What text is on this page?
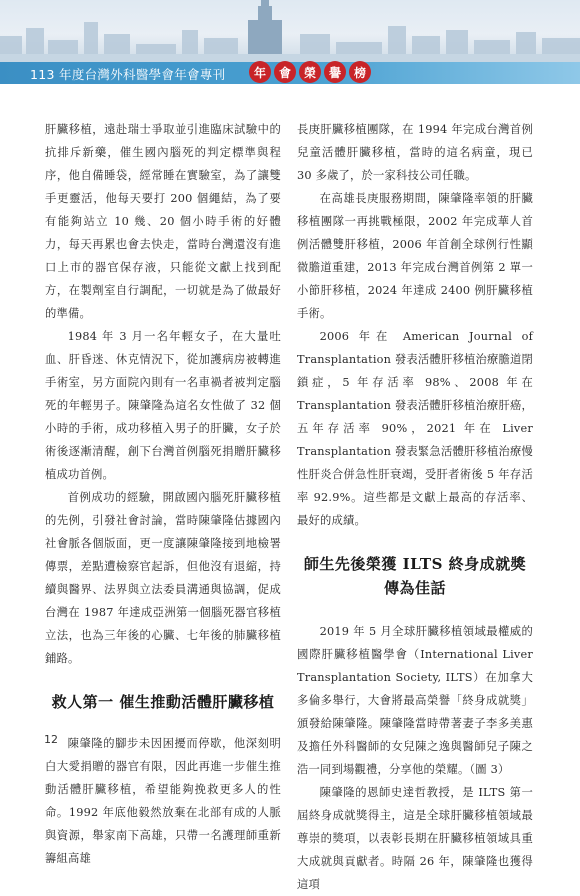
113 年度台灣外科醫學會年會專刊	年	會	榮	譽	榜

肝臟移植，遠赴瑞士爭取並引進臨床試驗中的抗排斥新藥，催生國內腦死的判定標準與程序，他自備睡袋，經常睡在實驗室，為了讓雙手更靈活，他每天要打 200 個繩結，為了要有能夠站立 10 幾、20 個小時手術的好體力，每天再累也會去快走，當時台灣還沒有進口上市的器官保存液，只能從文獻上找到配方，在製劑室自行調配，一切就是為了做最好的準備。

1984 年 3 月一名年輕女子，在大量吐血、肝昏迷、休克情況下，從加護病房被轉進手術室，另方面院內則有一名車禍者被判定腦死的年輕男子。陳肇隆為這名女性做了 32 個小時的手術，成功移植入男子的肝臟，女子於術後逐漸清醒，創下台灣首例腦死捐贈肝臟移植成功首例。

首例成功的經驗，開啟國內腦死肝臟移植的先例，引發社會討論，當時陳肇隆估據國內社會脈各個版面，更一度讓陳肇隆接到地檢署傳票，差點遭檢察官起訴，但他沒有退縮，持續與醫界、法界與立法委員溝通與協調，促成台灣在 1987 年達成亞洲第一個腦死器官移植立法，也為三年後的心臟、七年後的肺臟移植鋪路。

救人第一 催生推動活體肝臟移植

陳肇隆的腳步未因困擾而停歇，他深刻明白大愛捐贈的器官有限，因此再進一步催生推動活體肝臟移植，希望能夠挽救更多人的性命。1992 年底他毅然放棄在北部有成的人脈與資源，舉家南下高雄，只帶一名護理師重新籌組高雄

長庚肝臟移植團隊，在 1994 年完成台灣首例兒童活體肝臟移植，當時的這名病童，現已 30 多歲了，於一家科技公司任職。

在高雄長庚服務期間，陳肇隆率領的肝臟移植團隊一再挑戰極限，2002 年完成華人首例活體雙肝移植，2006 年首創全球例行性顯微膽道重建，2013 年完成台灣首例第 2 單一小節肝移植，2024 年達成 2400 例肝臟移植手術。

2006 年在 American Journal of Transplantation 發表活體肝移植治療膽道閉鎖症，5 年存活率 98%、2008 年在 Transplantation 發表活體肝移植治療肝癌，五年存活率 90%，2021 年在 Liver Transplantation 發表緊急活體肝移植治療慢性肝炎合併急性肝衰竭，受肝者術後 5 年存活率 92.9%。這些都是文獻上最高的存活率、最好的成績。

師生先後榮獲 ILTS 終身成就獎傳為佳話

2019 年 5 月全球肝臟移植領域最權威的國際肝臟移植醫學會（International Liver Transplantation Society, ILTS）在加拿大多倫多舉行，大會將最高榮譽「終身成就獎」頒發給陳肇隆。陳肇隆當時帶著妻子李多美惠及擔任外科醫師的女兒陳之逸與醫師兒子陳之浩一同到場觀禮，分享他的榮耀。（圖 3）

陳肇隆的恩師史達哲教授，是 ILTS 第一屆終身成就獎得主，這是全球肝臟移植領域最尊崇的獎項，以表彰長期在肝臟移植領域具重大成就與貢獻者。時隔 26 年，陳肇隆也獲得這項

12
